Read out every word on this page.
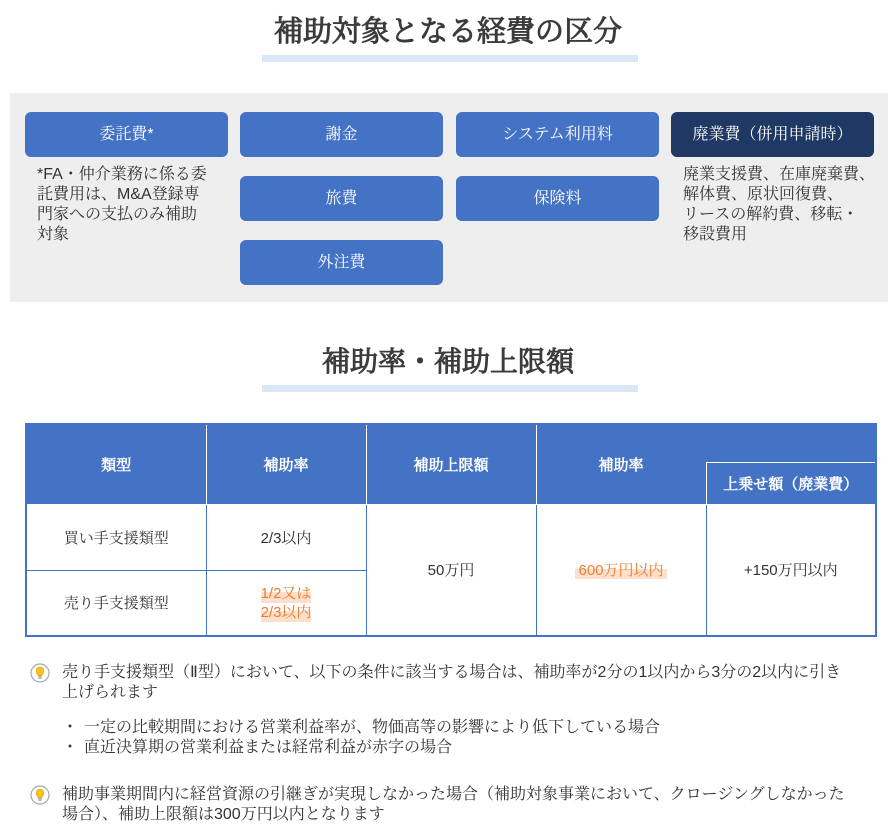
補助対象となる経費の区分
委託費*	謝金	システム利用料	廃業費（併用申請時）
旅費	保険料
外注費
*FA・仲介業務に係る委
託費用は、M&A登録専
門家への支払のみ補助
対象
廃業支援費、在庫廃棄費、
解体費、原状回復費、
リースの解約費、移転・
移設費用
補助率・補助上限額
類型	補助率	補助上限額	補助率	
				上乗せ額（廃業費）
買い手支援類型	2/3以内	50万円	600万円以内	+150万円以内
売り手支援類型	1/2又は
2/3以内			
売り手支援類型（Ⅱ型）において、以下の条件に該当する場合は、補助率が2分の1以内から3分の2以内に引き
上げられます
・ 一定の比較期間における営業利益率が、物価高等の影響により低下している場合
・ 直近決算期の営業利益または経常利益が赤字の場合
補助事業期間内に経営資源の引継ぎが実現しなかった場合（補助対象事業において、クロージングしなかった
場合）、補助上限額は300万円以内となります
